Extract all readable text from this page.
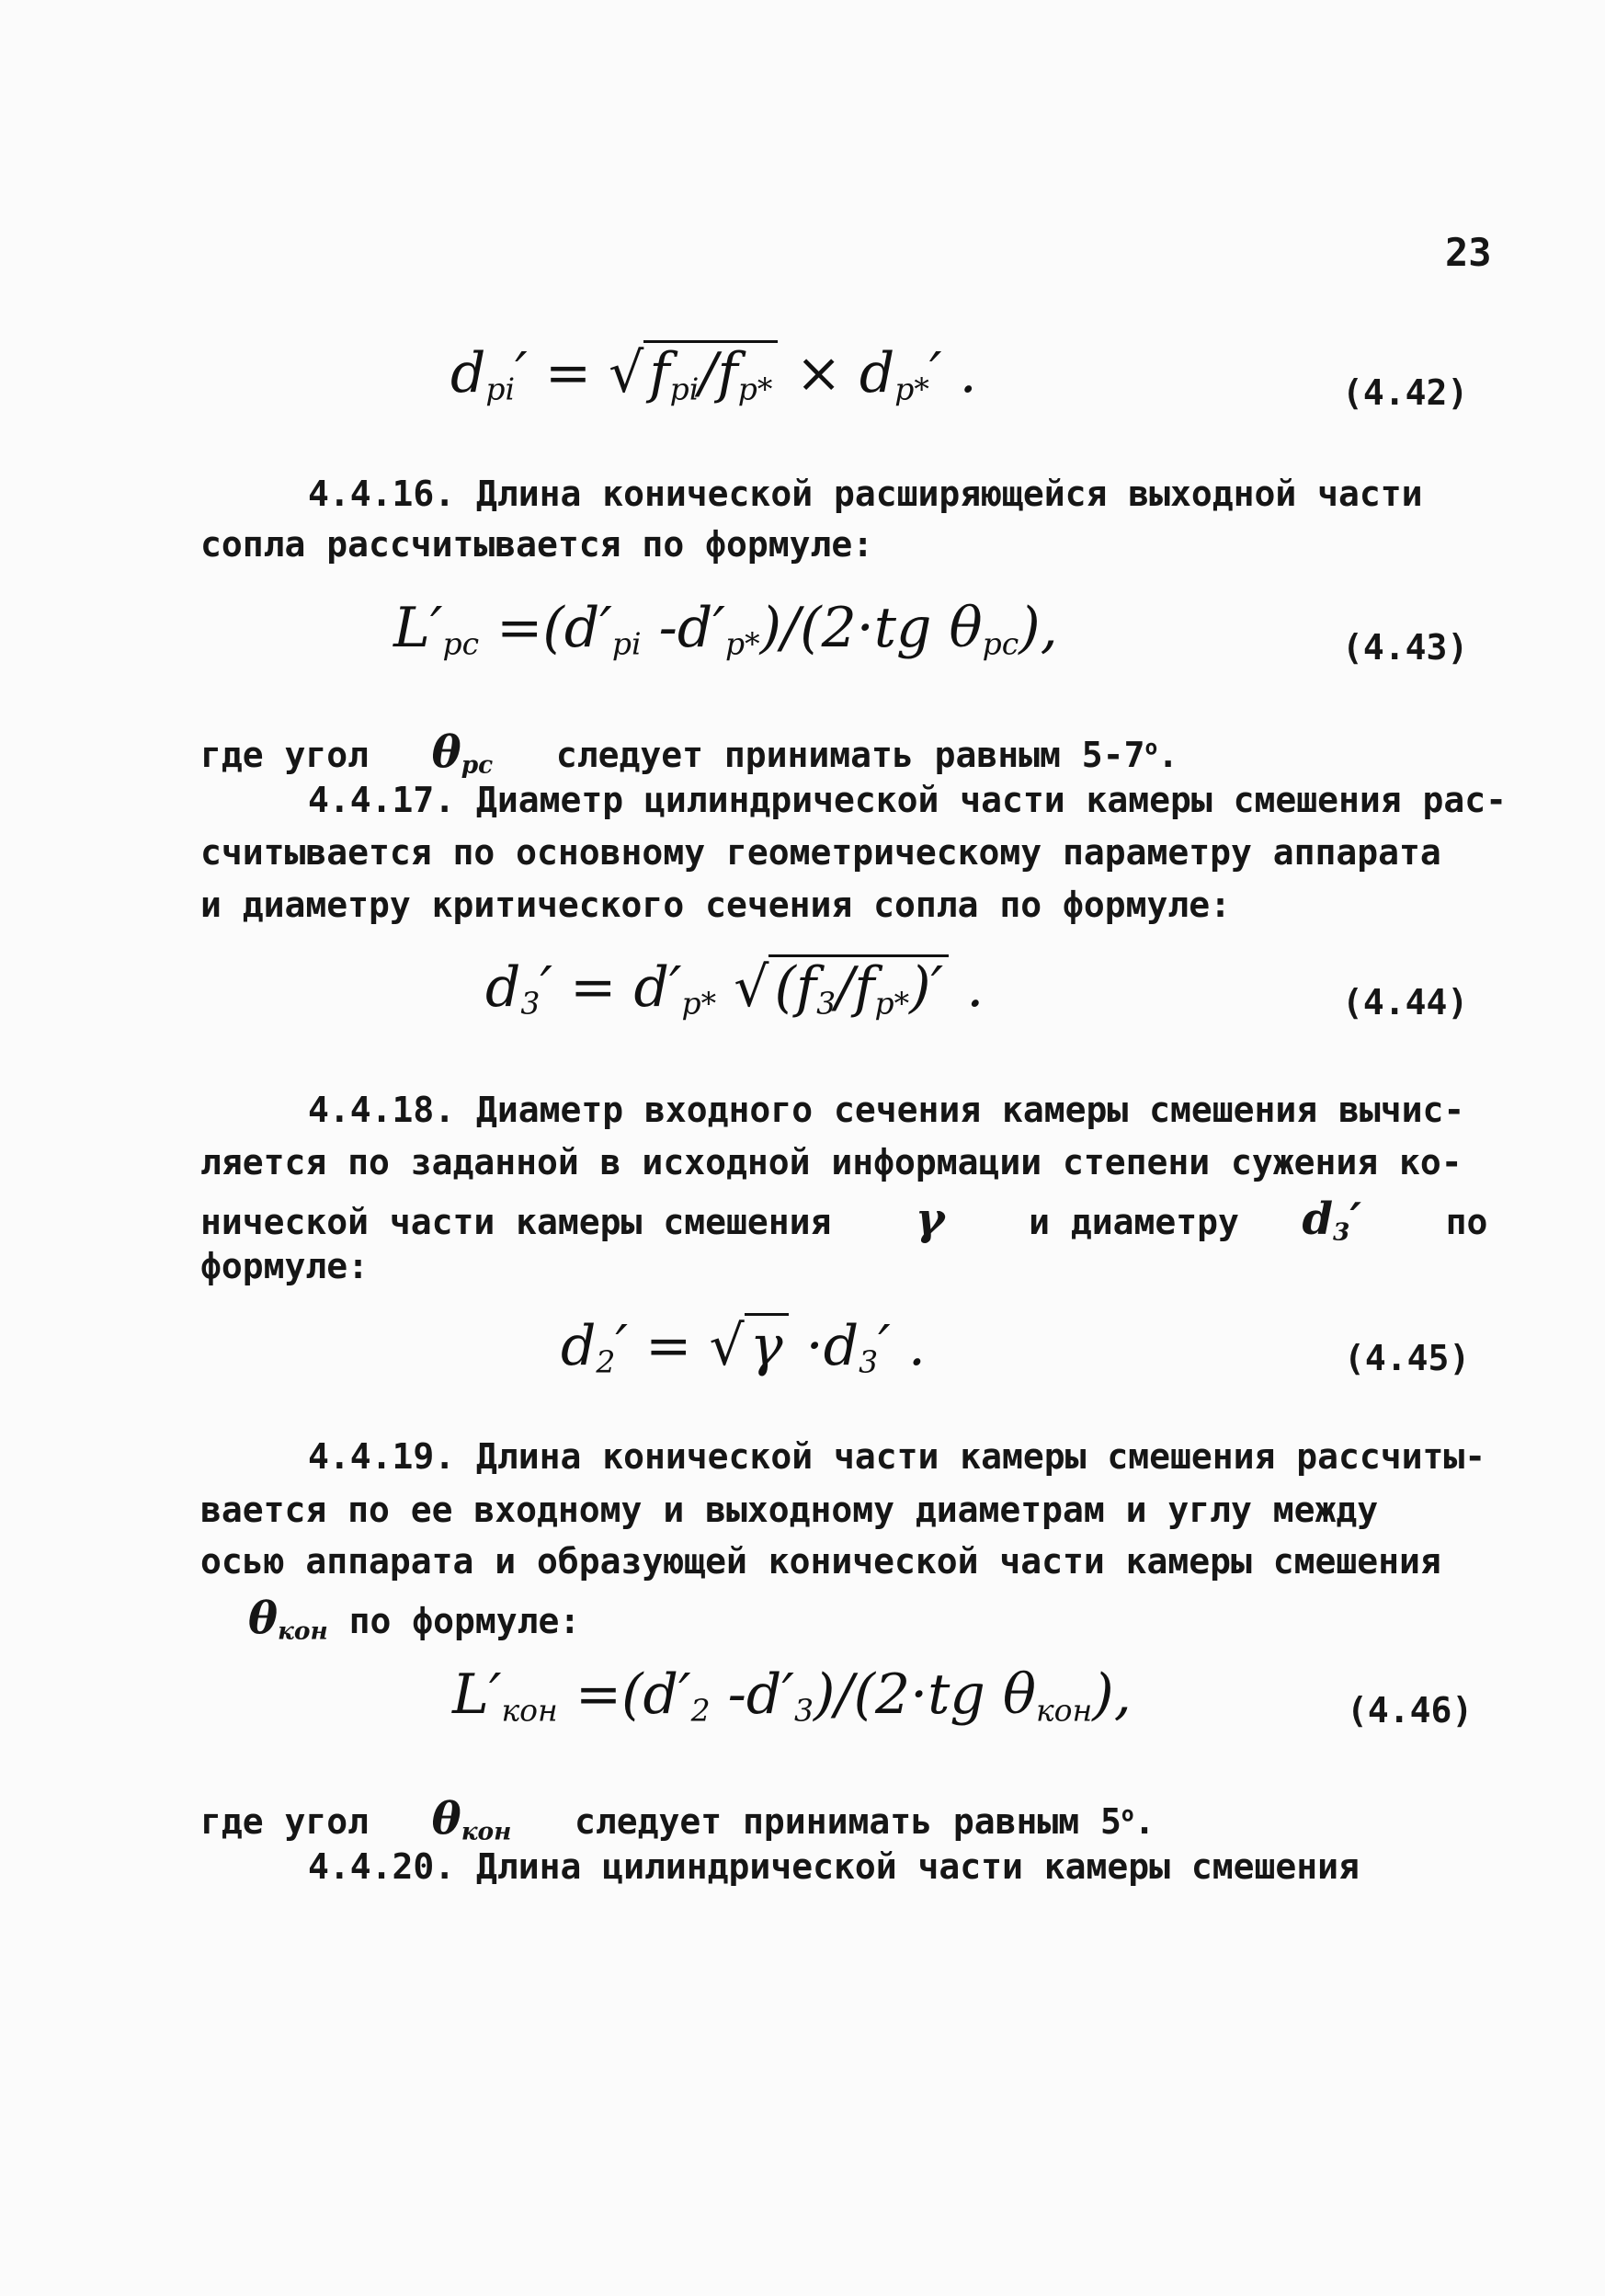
23
$d_{pi}'$ = √ $f_{pi}/f_{p*} \times d_{p*}'$ .	(4.42)
4.4.16. Длина конической расширяющейся выходной части
сопла рассчитывается по формуле:
$L'_{pc} =(d'_{pi}$ $-d'_{p*})/(2\cdot tg$ $\theta_{pc}$),	(4.43)
где угол $\theta_{pc}$ следует принимать равным 5-7$^o$.
4.4.17. Диаметр цилиндрической части камеры смешения рас-
считывается по основному геометрическому параметру аппарата
и диаметру критического сечения сопла по формуле:
$d_3' = d'_{p*}$ √ $(f_3/f_{p*})'$ .	(4.44)
4.4.18. Диаметр входного сечения камеры смешения вычис-
ляется по заданной в исходной информации степени сужения ко-
нической части камеры смешения γ и диаметру $d_3'$ по
формуле:
$d_2'$ = √ $\gamma \cdot d_3'$ .	(4.45)
4.4.19. Длина конической части камеры смешения рассчиты-
вается по ее входному и выходному диаметрам и углу между
осью аппарата и образующей конической части камеры смешения
$\theta_{кон}$ по формуле:
$L'_{кон} =(d'_2$ $-d'_3)/(2\cdot tg$ $\theta_{кон}$),	(4.46)
где угол $\theta_{кон}$ следует принимать равным 5$^o$.
4.4.20. Длина цилиндрической части камеры смешения
